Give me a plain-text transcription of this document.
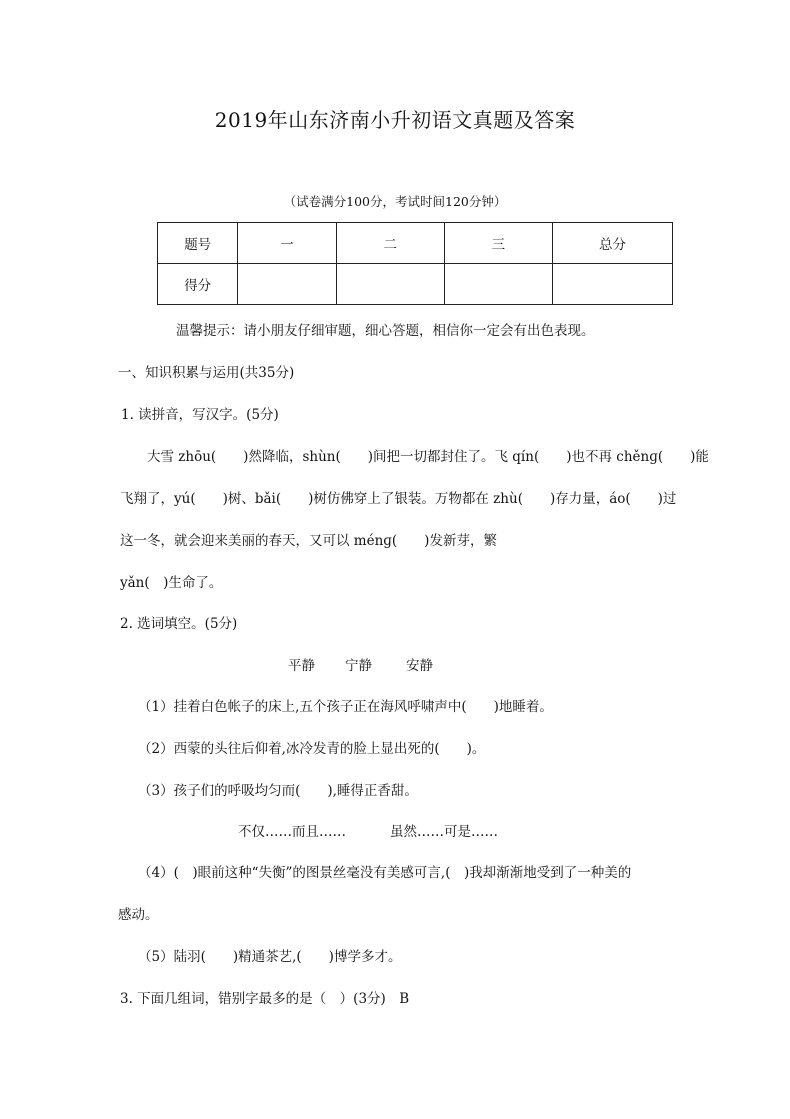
2019年山东济南小升初语文真题及答案
（试卷满分100分，考试时间120分钟）
题号	一	二	三	总分
得分				
温馨提示：请小朋友仔细审题，细心答题，相信你一定会有出色表现。
一、知识积累与运用(共35分)
1. 读拼音，写汉字。(5分)
大雪 zhōu(　　)然降临，shùn(　　)间把一切都封住了。飞 qín(　　)也不再 chěnɡ(　　)能
飞翔了，yú(　　)树、bǎi(　　)树仿佛穿上了银装。万物都在 zhù(　　)存力量，áo(　　)过
这一冬，就会迎来美丽的春天，又可以 ménɡ(　　)发新芽，繁
yǎn(　)生命了。
2. 选词填空。(5分)
平静 宁静	安静
（1）挂着白色帐子的床上,五个孩子正在海风呼啸声中(　　)地睡着。
（2）西蒙的头往后仰着,冰冷发青的脸上显出死的(　　)。
（3）孩子们的呼吸均匀而(　　),睡得正香甜。
不仅……而且……	虽然……可是……
（4）(　)眼前这种“失衡”的图景丝毫没有美感可言,(　)我却渐渐地受到了一种美的
感动。
（5）陆羽(　　)精通茶艺,(　　)博学多才。
3. 下面几组词，错别字最多的是（　）(3分)　B
